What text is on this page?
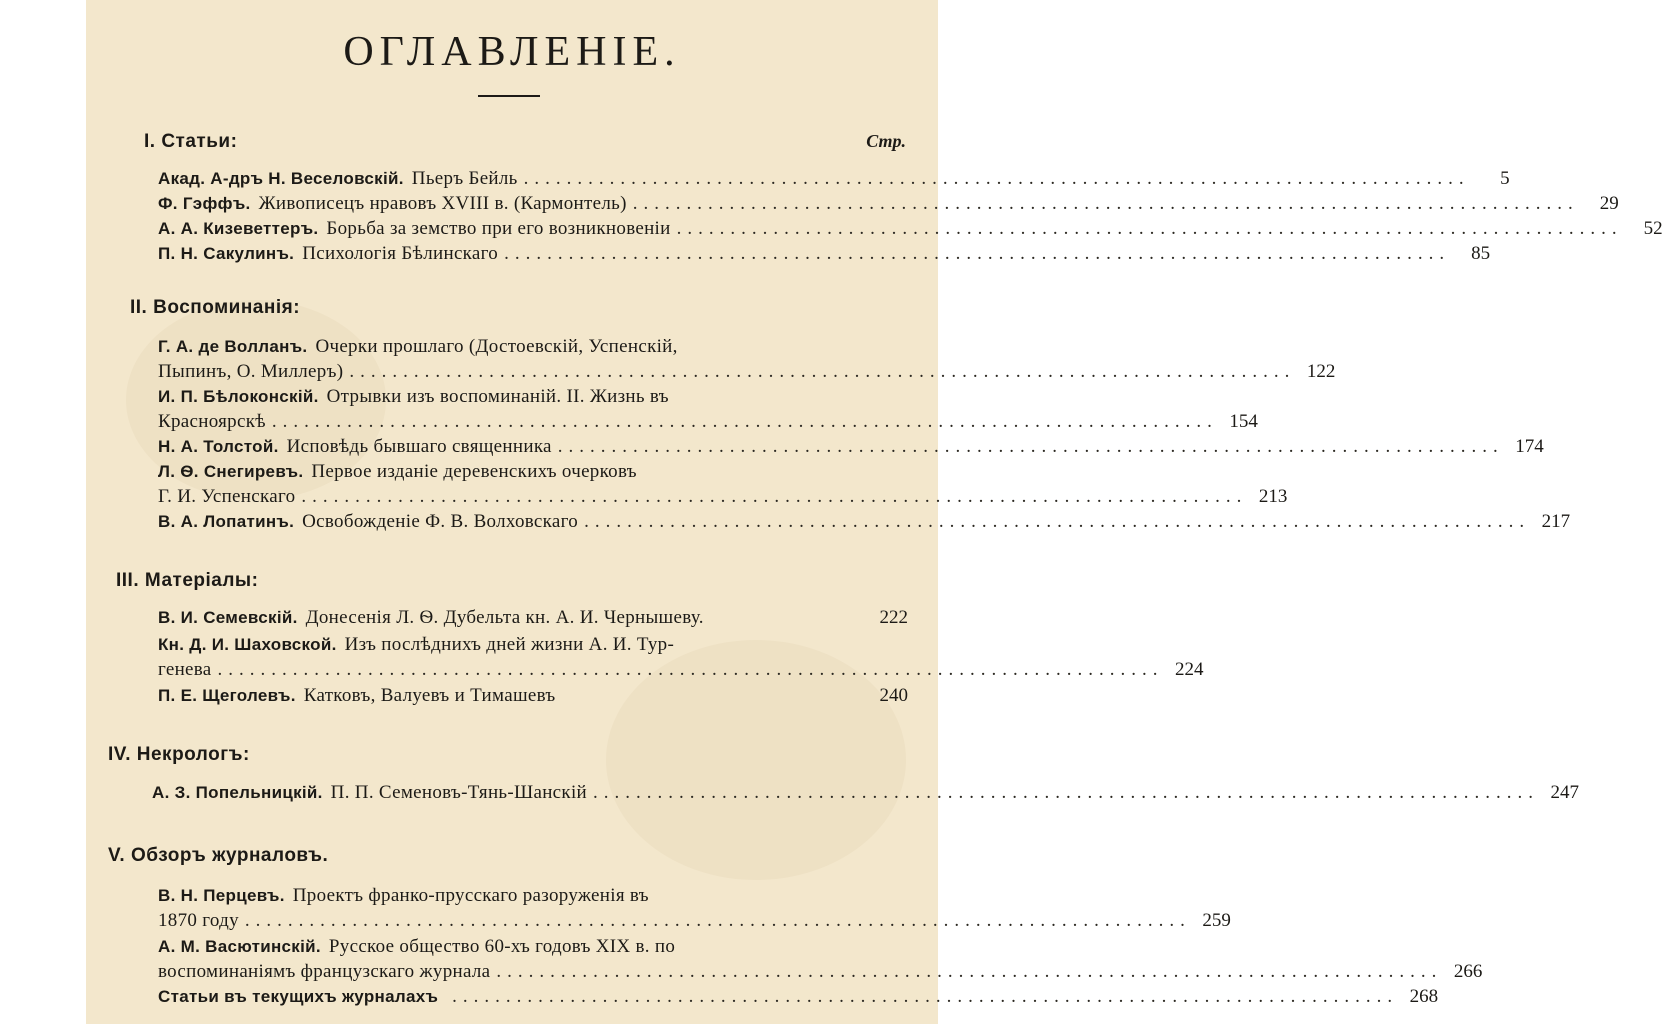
ОГЛАВЛЕНІЕ.
Стр.
I. Статьи:
Акад. А-дръ Н. Веселовскій. Пьеръ Бейль ........................................................................................	5
Ф. Гэффъ. Живописецъ нравовъ XVIII в. (Кармонтель) ........................................................................................	29
А. А. Кизеветтеръ. Борьба за земство при его возникновеніи ........................................................................................	52
П. Н. Сакулинъ. Психологія Бѣлинскаго ........................................................................................	85
II. Воспоминанія:
Г. А. де Волланъ. Очерки прошлаго (Достоевскій, Успенскій,
Пыпинъ, О. Миллеръ) ........................................................................................ 122
И. П. Бѣлоконскій. Отрывки изъ воспоминаній. II. Жизнь въ
Красноярскѣ ........................................................................................ 154
Н. А. Толстой. Исповѣдь бывшаго священника ........................................................................................ 174
Л. Ѳ. Снегиревъ. Первое изданіе деревенскихъ очерковъ
Г. И. Успенскаго ........................................................................................ 213
В. А. Лопатинъ. Освобожденіе Ф. В. Волховскаго ........................................................................................ 217
III. Матеріалы:
В. И. Семевскій. Донесенія Л. Ѳ. Дубельта кн. А. И. Чернышеву.	222
Кн. Д. И. Шаховской. Изъ послѣднихъ дней жизни А. И. Тур-
генева ........................................................................................ 224
П. Е. Щеголевъ. Катковъ, Валуевъ и Тимашевъ	240
IV. Некрологъ:
А. З. Попельницкій. П. П. Семеновъ-Тянь-Шанскій ........................................................................................ 247
V. Обзоръ журналовъ.
В. Н. Перцевъ. Проектъ франко-прусскаго разоруженія въ
1870 году ........................................................................................ 259
А. М. Васютинскій. Русское общество 60-хъ годовъ XIX в. по
воспоминаніямъ французскаго журнала ........................................................................................ 266
Статьи въ текущихъ журналахъ ........................................................................................ 268
